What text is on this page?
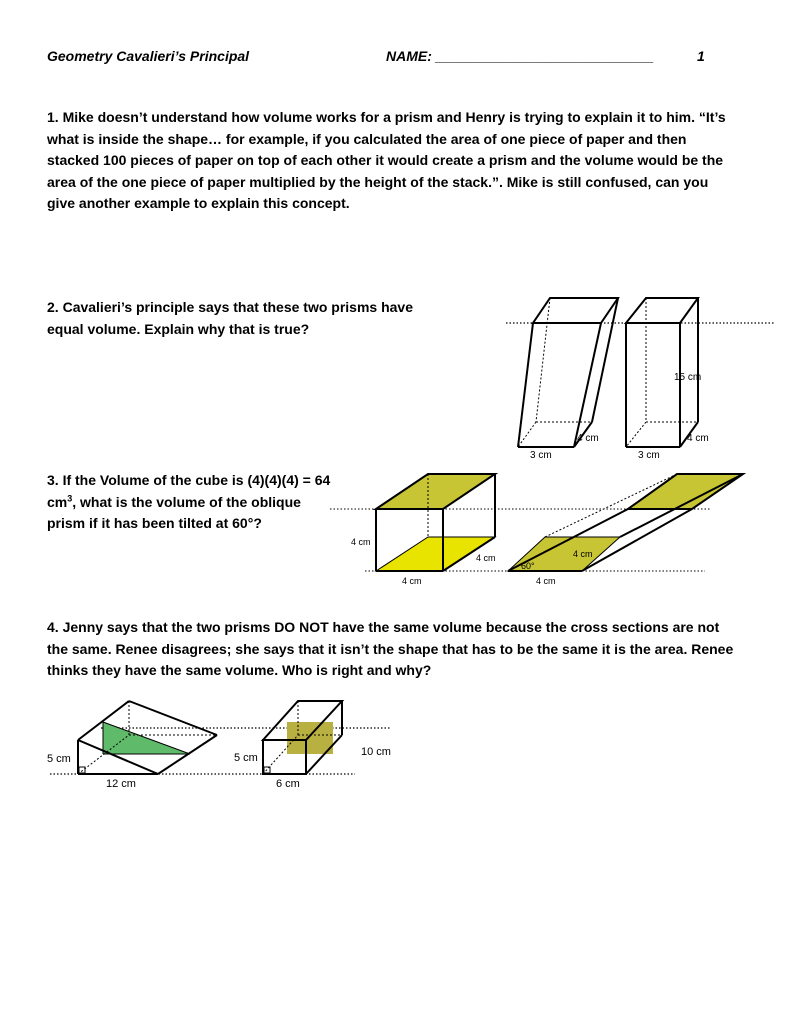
Geometry Cavalieri’s Principal	NAME: ____________________________	1

1. Mike doesn’t understand how volume works for a prism and Henry is trying to explain it to him. “It’s what is inside the shape… for example, if you calculated the area of one piece of paper and then stacked 100 pieces of paper on top of each other it would create a prism and the volume would be the area of the one piece of paper multiplied by the height of the stack.”. Mike is still confused, can you give another example to explain this concept.

2. Cavalieri’s principle says that these two prisms have equal volume. Explain why that is true?

3. If the Volume of the cube is (4)(4)(4) = 64 $cm^3$, what is the volume of the oblique prism if it has been tilted at 60°?

4. Jenny says that the two prisms DO NOT have the same volume because the cross sections are not the same. Renee disagrees; she says that it isn’t the shape that has to be the same it is the area. Renee thinks they have the same volume. Who is right and why?

4 cm
3 cm
15 cm
4 cm
3 cm
4 cm
4 cm
4 cm
4 cm
4 cm
60°
5 cm
12 cm
5 cm
6 cm
10 cm
